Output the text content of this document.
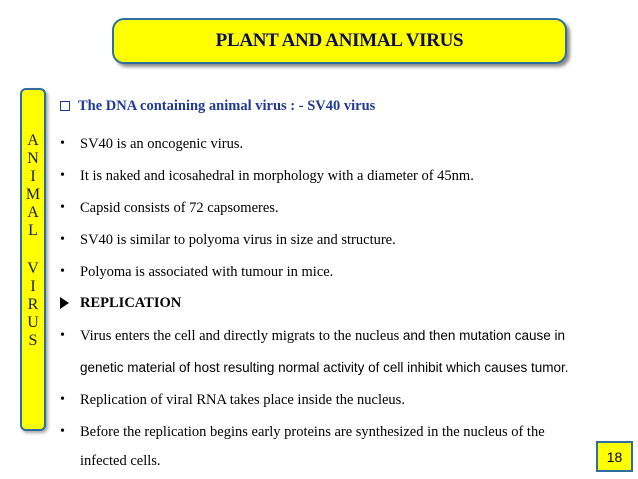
PLANT AND ANIMAL VIRUS
A
N
I
M
A
L
V
I
R
U
S
The DNA containing animal virus : - SV40 virus
• SV40 is an oncogenic virus.
• It is naked and icosahedral in morphology with a diameter of 45nm.
• Capsid consists of 72 capsomeres.
• SV40 is similar to polyoma virus in size and structure.
• Polyoma is associated with tumour in mice.
REPLICATION
• Virus enters the cell and directly migrats to the nucleus and then mutation cause in
genetic material of host resulting normal activity of cell inhibit which causes tumor.
• Replication of viral RNA takes place inside the nucleus.
• Before the replication begins early proteins are synthesized in the nucleus of the
infected cells.	18
